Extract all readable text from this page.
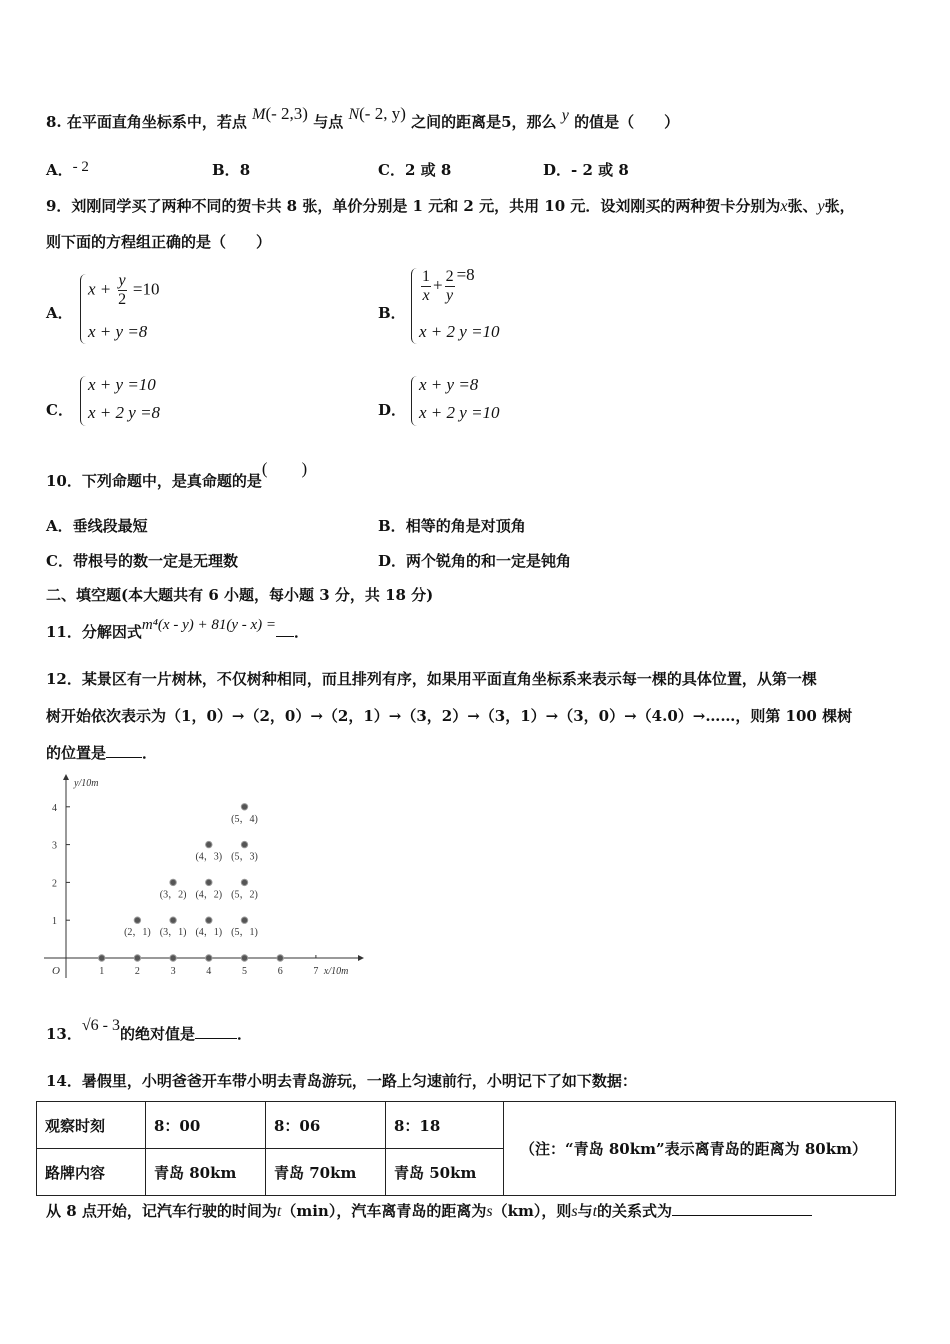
8. 在平面直角坐标系中，若点 M(- 2,3) 与点 N(- 2, y) 之间的距离是5，那么 y 的值是（　　）
A．- 2	B．8	C．2 或 8	D．- 2 或 8
9．刘刚同学买了两种不同的贺卡共 8 张，单价分别是 1 元和 2 元，共用 10 元．设刘刚买的两种贺卡分别为x张、y张，
则下面的方程组正确的是（　　）
A．
$x + \frac{y}{2} =10$
x + y =8
B．
$\frac{1}{x} + \frac{2}{y} =8$
x + 2 y =10
C．
x + y =10
x + 2 y =8	D．
x + y =8
x + 2 y =10
10．下列命题中，是真命题的是(　　)
A．垂线段最短	B．相等的角是对顶角
C．带根号的数一定是无理数	D．两个锐角的和一定是钝角
二、填空题(本大题共有 6 小题，每小题 3 分，共 18 分)
11．分解因式m⁴(x - y) + 81(y - x) = ．
12．某景区有一片树林，不仅树种相同，而且排列有序，如果用平面直角坐标系来表示每一棵的具体位置，从第一棵
树开始依次表示为（1，0）→（2，0）→（2，1）→（3，2）→（3，1）→（3，0）→（4.0）→……，则第 100 棵树
的位置是 ．
y/10m
x/10m
O	1	2	3	4	5	6	7
1
2
3
4
(2，1) (3，1) (4，1) (5，1)
(3，2) (4，2) (5，2)
(4，3) (5，3)
(5，4)
13．√6 - 3的绝对值是	．
14．暑假里，小明爸爸开车带小明去青岛游玩，一路上匀速前行，小明记下了如下数据：
观察时刻	8：00	8：06	8：18	（注：“青岛 80km”表示离青岛的距离为 80km）
路牌内容	青岛 80km	青岛 70km	青岛 50km	
从 8 点开始，记汽车行驶的时间为t（min），汽车离青岛的距离为s（km），则s与t的关系式为
